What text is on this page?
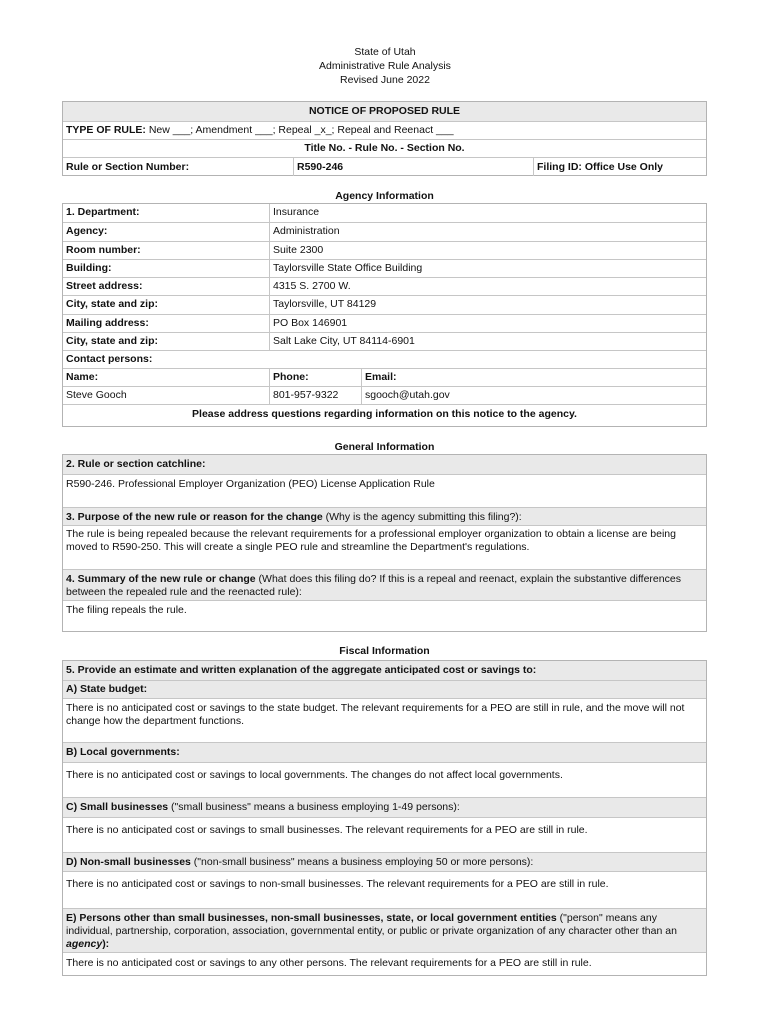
State of Utah
Administrative Rule Analysis
Revised June 2022
NOTICE OF PROPOSED RULE
TYPE OF RULE: New ___; Amendment ___; Repeal _x_; Repeal and Reenact ___
Title No. - Rule No. - Section No.
Rule or Section Number:	R590-246	Filing ID: Office Use Only
Agency Information
1. Department:	Insurance
Agency:	Administration
Room number:	Suite 2300
Building:	Taylorsville State Office Building
Street address:	4315 S. 2700 W.
City, state and zip:	Taylorsville, UT 84129
Mailing address:	PO Box 146901
City, state and zip:	Salt Lake City, UT 84114-6901
Contact persons:
Name:	Phone:	Email:
Steve Gooch	801-957-9322	sgooch@utah.gov
Please address questions regarding information on this notice to the agency.
General Information
2. Rule or section catchline:
R590-246. Professional Employer Organization (PEO) License Application Rule
3. Purpose of the new rule or reason for the change (Why is the agency submitting this filing?):
The rule is being repealed because the relevant requirements for a professional employer organization to obtain a license are being moved to R590-250. This will create a single PEO rule and streamline the Department's regulations.
4. Summary of the new rule or change (What does this filing do? If this is a repeal and reenact, explain the substantive differences between the repealed rule and the reenacted rule):
The filing repeals the rule.
Fiscal Information
5. Provide an estimate and written explanation of the aggregate anticipated cost or savings to:
A) State budget:
There is no anticipated cost or savings to the state budget. The relevant requirements for a PEO are still in rule, and the move will not change how the department functions.
B) Local governments:
There is no anticipated cost or savings to local governments. The changes do not affect local governments.
C) Small businesses ("small business" means a business employing 1-49 persons):
There is no anticipated cost or savings to small businesses. The relevant requirements for a PEO are still in rule.
D) Non-small businesses ("non-small business" means a business employing 50 or more persons):
There is no anticipated cost or savings to non-small businesses. The relevant requirements for a PEO are still in rule.
E) Persons other than small businesses, non-small businesses, state, or local government entities ("person" means any individual, partnership, corporation, association, governmental entity, or public or private organization of any character other than an agency):
There is no anticipated cost or savings to any other persons. The relevant requirements for a PEO are still in rule.
